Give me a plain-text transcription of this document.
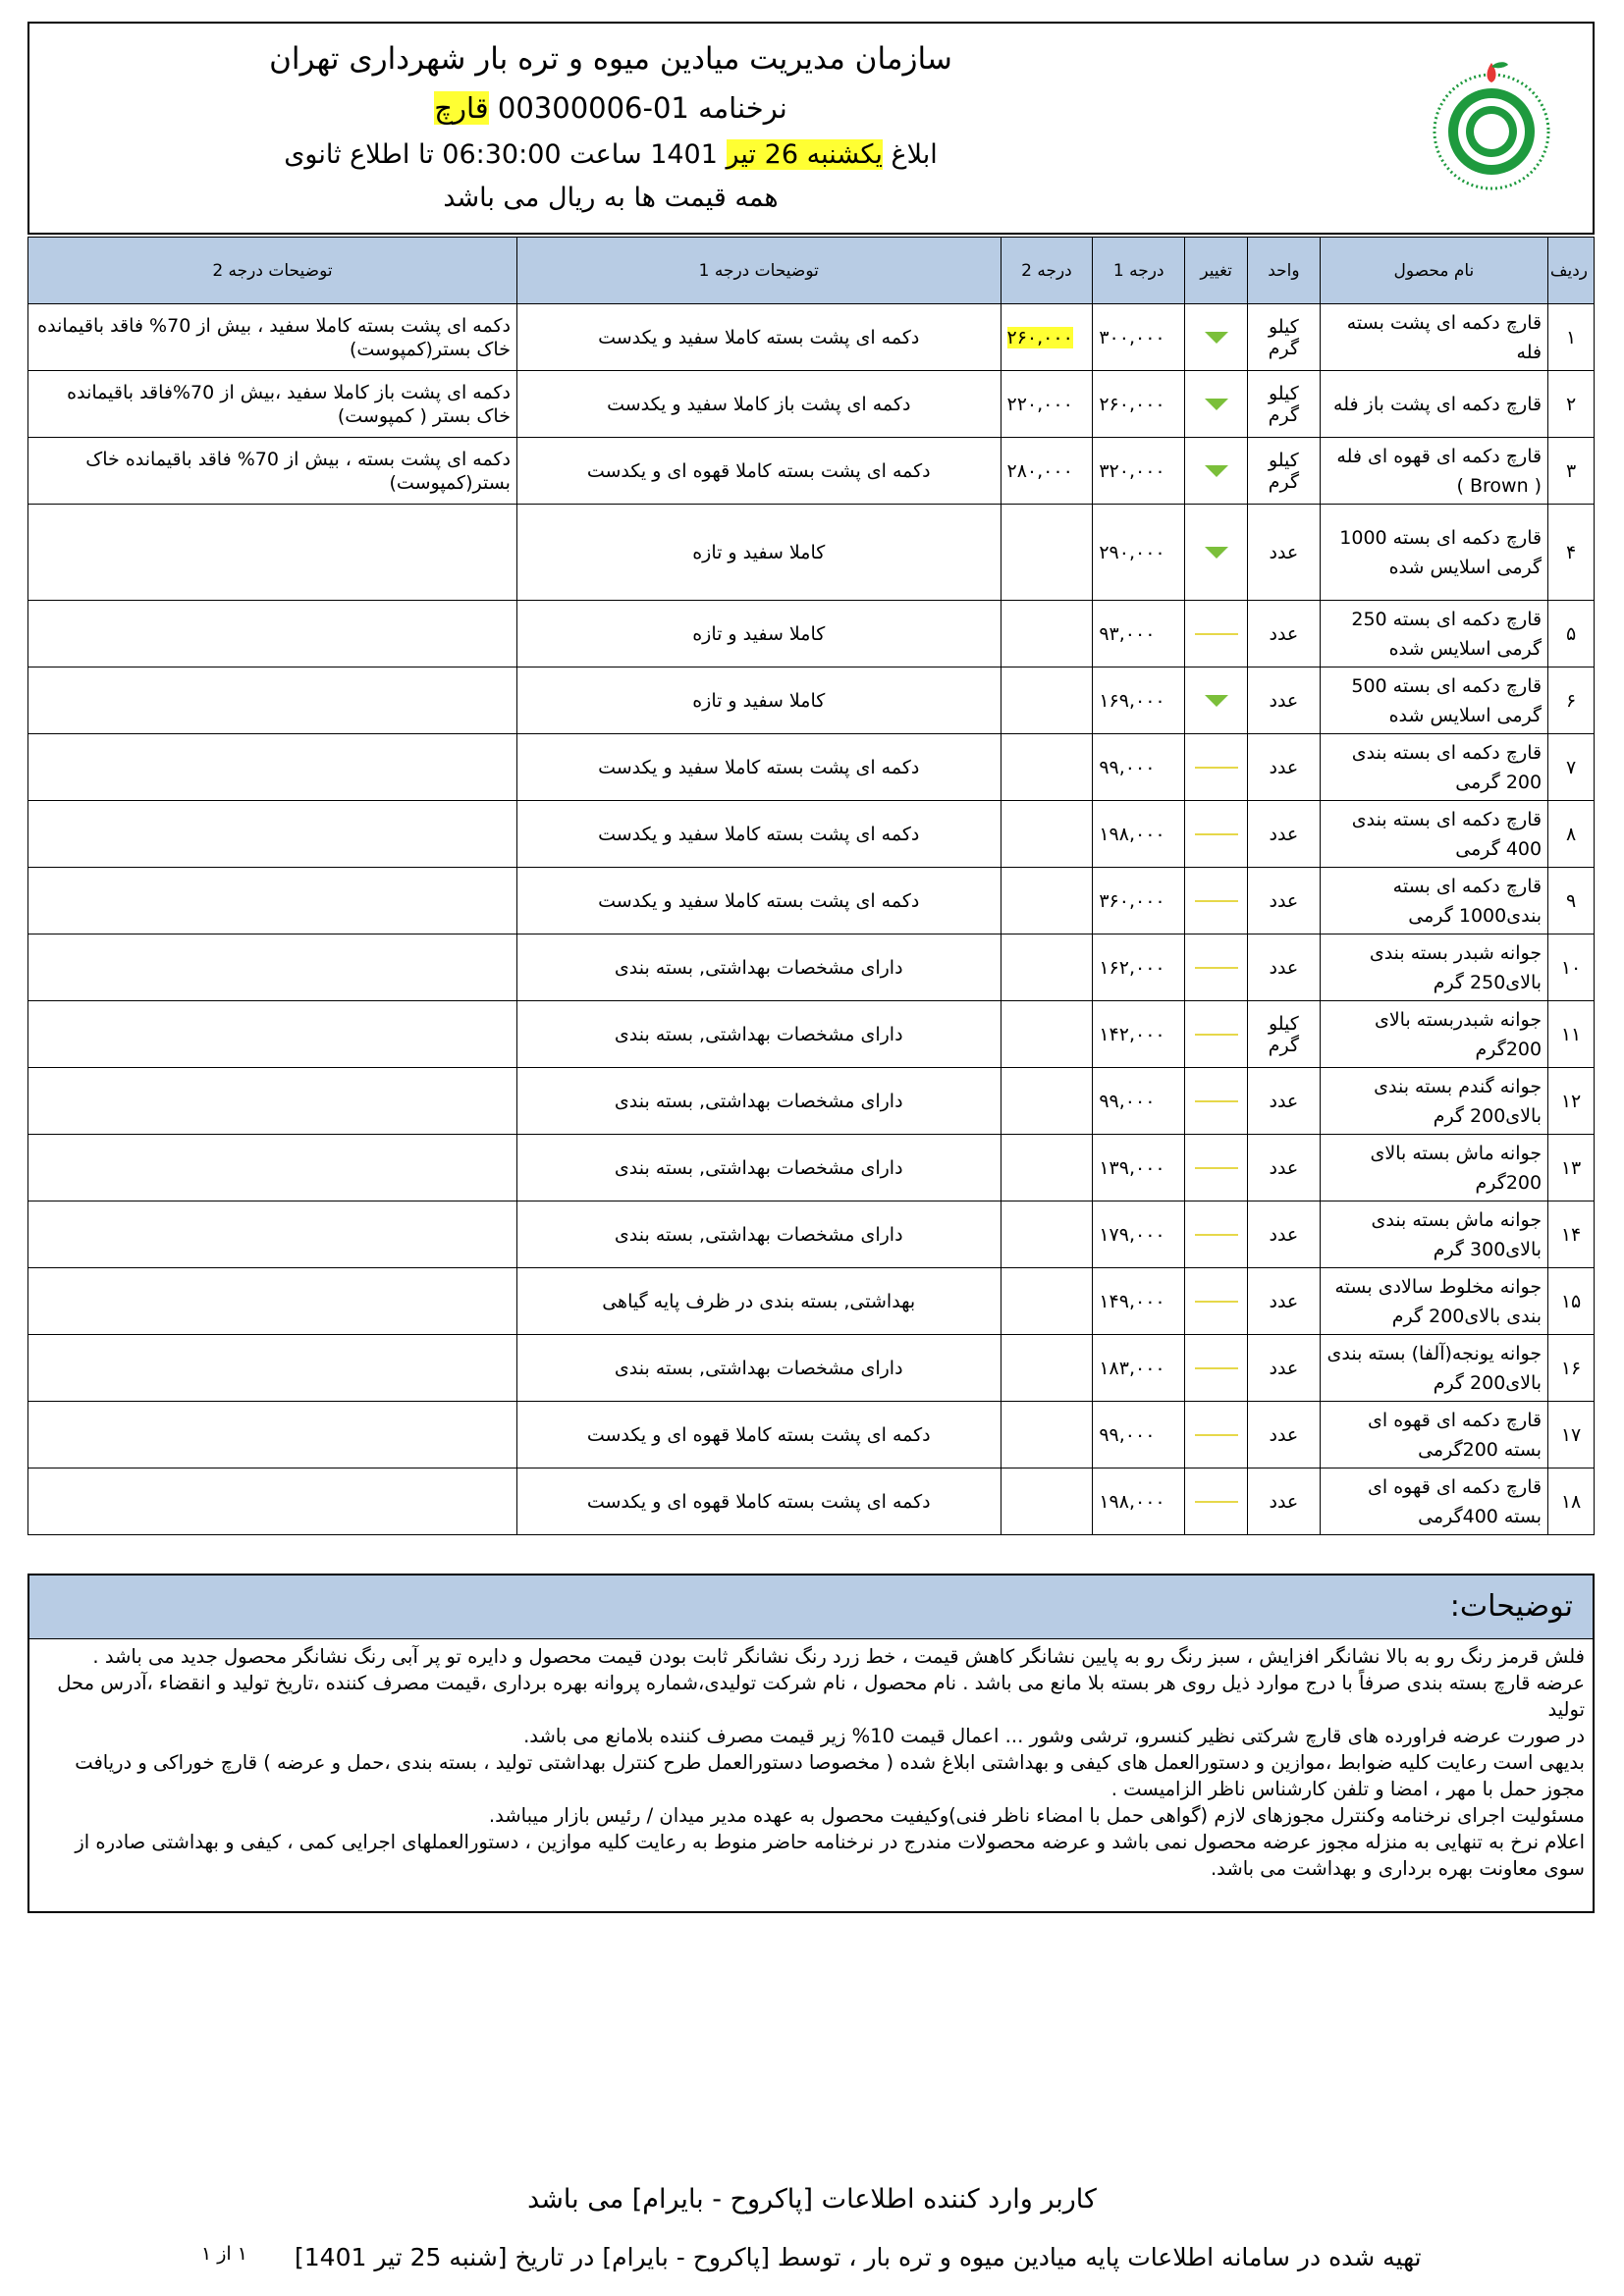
سازمان مدیریت میادین میوه و تره بار شهرداری تهران
نرخنامه 01-00300006 قارچ
ابلاغ یکشنبه 26 تیر 1401 ساعت 06:30:00 تا اطلاع ثانوی
همه قیمت ها به ریال می باشد
ردیف	نام محصول	واحد	تغییر	درجه 1	درجه 2	توضیحات درجه 1	توضیحات درجه 2
۱	قارچ دکمه ای پشت بسته فله	کیلو گرم		۳۰۰,۰۰۰	۲۶۰,۰۰۰	دکمه ای پشت بسته کاملا سفید و یکدست	دکمه ای پشت بسته کاملا سفید ، بیش از 70% فاقد باقیمانده خاک بستر(کمپوست)
۲	قارچ دکمه ای پشت باز فله	کیلو گرم		۲۶۰,۰۰۰	۲۲۰,۰۰۰	دکمه ای پشت باز کاملا سفید و یکدست	دکمه ای پشت باز کاملا سفید ،بیش از 70%فاقد باقیمانده خاک بستر ( کمپوست)
۳	قارچ دکمه ای قهوه ای فله ( Brown )	کیلو گرم		۳۲۰,۰۰۰	۲۸۰,۰۰۰	دکمه ای پشت بسته کاملا قهوه ای و یکدست	دکمه ای پشت بسته ، بیش از 70% فاقد باقیمانده خاک بستر(کمپوست)
۴	قارچ دکمه ای بسته 1000 گرمی اسلایس شده	عدد		۲۹۰,۰۰۰		کاملا سفید و تازه	
۵	قارچ دکمه ای بسته 250 گرمی اسلایس شده	عدد		۹۳,۰۰۰		کاملا سفید و تازه	
۶	قارچ دکمه ای بسته 500 گرمی اسلایس شده	عدد		۱۶۹,۰۰۰		کاملا سفید و تازه	
۷	قارچ دکمه ای بسته بندی 200 گرمی	عدد		۹۹,۰۰۰		دکمه ای پشت بسته کاملا سفید و یکدست	
۸	قارچ دکمه ای بسته بندی 400 گرمی	عدد		۱۹۸,۰۰۰		دکمه ای پشت بسته کاملا سفید و یکدست	
۹	قارچ دکمه ای بسته بندی1000 گرمی	عدد		۳۶۰,۰۰۰		دکمه ای پشت بسته کاملا سفید و یکدست	
۱۰	جوانه شبدر بسته بندی بالای250 گرم	عدد		۱۶۲,۰۰۰		دارای مشخصات بهداشتی, بسته بندی	
۱۱	جوانه شبدربسته بالای 200گرم	کیلو گرم		۱۴۲,۰۰۰		دارای مشخصات بهداشتی, بسته بندی	
۱۲	جوانه گندم بسته بندی بالای200 گرم	عدد		۹۹,۰۰۰		دارای مشخصات بهداشتی, بسته بندی	
۱۳	جوانه ماش بسته بالای 200گرم	عدد		۱۳۹,۰۰۰		دارای مشخصات بهداشتی, بسته بندی	
۱۴	جوانه ماش بسته بندی بالای300 گرم	عدد		۱۷۹,۰۰۰		دارای مشخصات بهداشتی, بسته بندی	
۱۵	جوانه مخلوط سالادی بسته بندی بالای200 گرم	عدد		۱۴۹,۰۰۰		بهداشتی, بسته بندی در ظرف پایه گیاهی	
۱۶	جوانه یونجه(آلفا) بسته بندی بالای200 گرم	عدد		۱۸۳,۰۰۰		دارای مشخصات بهداشتی, بسته بندی	
۱۷	قارچ دکمه ای قهوه ای بسته 200گرمی	عدد		۹۹,۰۰۰		دکمه ای پشت بسته کاملا قهوه ای و یکدست	
۱۸	قارچ دکمه ای قهوه ای بسته 400گرمی	عدد		۱۹۸,۰۰۰		دکمه ای پشت بسته کاملا قهوه ای و یکدست	
توضیحات:
فلش قرمز رنگ رو به بالا نشانگر افزایش ، سبز رنگ رو به پایین نشانگر کاهش قیمت ، خط زرد رنگ نشانگر ثابت بودن قیمت محصول و دایره تو پر آبی رنگ نشانگر محصول جدید می باشد .
عرضه قارچ بسته بندی صرفاً با درج موارد ذیل روی هر بسته بلا مانع می باشد . نام محصول ، نام شرکت تولیدی،شماره پروانه بهره برداری ،قیمت مصرف کننده ،تاریخ تولید و انقضاء ،آدرس محل تولید
در صورت عرضه فراورده های قارچ شرکتی نظیر کنسرو، ترشی وشور ... اعمال قیمت 10% زیر قیمت مصرف کننده بلامانع می باشد.
بدیهی است رعایت کلیه ضوابط ،موازین و دستورالعمل های کیفی و بهداشتی ابلاغ شده ( مخصوصا دستورالعمل طرح کنترل بهداشتی تولید ، بسته بندی ،حمل و عرضه ) قارچ خوراکی و دریافت مجوز حمل با مهر ، امضا و تلفن کارشناس ناظر الزامیست .
مسئولیت اجرای نرخنامه وکنترل مجوزهای لازم (گواهی حمل با امضاء ناظر فنی)وکیفیت محصول به عهده مدیر میدان / رئیس بازار میباشد.
اعلام نرخ به تنهایی به منزله مجوز عرضه محصول نمی باشد و عرضه محصولات مندرج در نرخنامه حاضر منوط به رعایت کلیه موازین ، دستورالعملهای اجرایی کمی ، کیفی و بهداشتی صادره از سوی معاونت بهره برداری و بهداشت می باشد.
کاربر وارد کننده اطلاعات [پاکروح - بایرام] می باشد
تهیه شده در سامانه اطلاعات پایه میادین میوه و تره بار ، توسط [پاکروح - بایرام] در تاریخ [شنبه 25 تیر 1401]
۱ از ۱
